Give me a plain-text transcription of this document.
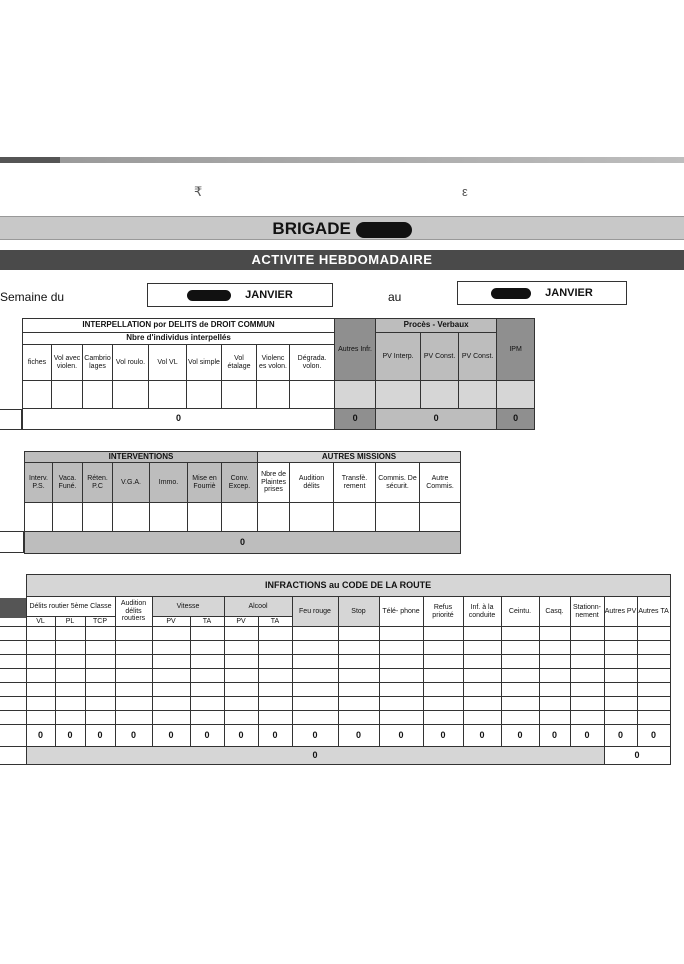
₹	ε
BRIGADE
ACTIVITE HEBDOMADAIRE
Semaine du	JANVIER	au	JANVIER
INTERPELLATION por DELITS de DROIT COMMUN									Autres Infr.	Procès - Verbaux			IPM
Nbre d'individus interpellés										PV Interp.	PV Const.	PV Const.	
fiches	Vol avec violen.	Cambrio lages	Vol roulo.	Vol VL	Vol simple	Vol étalage	Violenc es volon.	Dégrada. volon.					

0									0	0			0
INTERVENTIONS							AUTRES MISSIONS				
Interv. P.S.	Vaca. Funé.	Réten. P.C	V.G.A.	Immo.	Mise en Fourriè	Conv. Excep.	Nbre de Plaintes prises	Audition délits	Transfè. rement	Commis. De sécurit.	Autre Commis.

0											
	INFRACTIONS au CODE DE LA ROUTE																		
	Délits routier 5ème Classe			Audition délits routiers	Vitesse		Alcool		Feu rouge	Stop	Télé- phone	Refus priorité	Inf. à la conduite	Ceintu.	Casq.	Stationn- nement	Autres PV	Autres TA	
	VL	PL	TCP		PV	TA	PV	TA											

	0	0	0	0	0	0	0	0	0	0	0	0	0	0	0	0	0	0	
	0																0		
